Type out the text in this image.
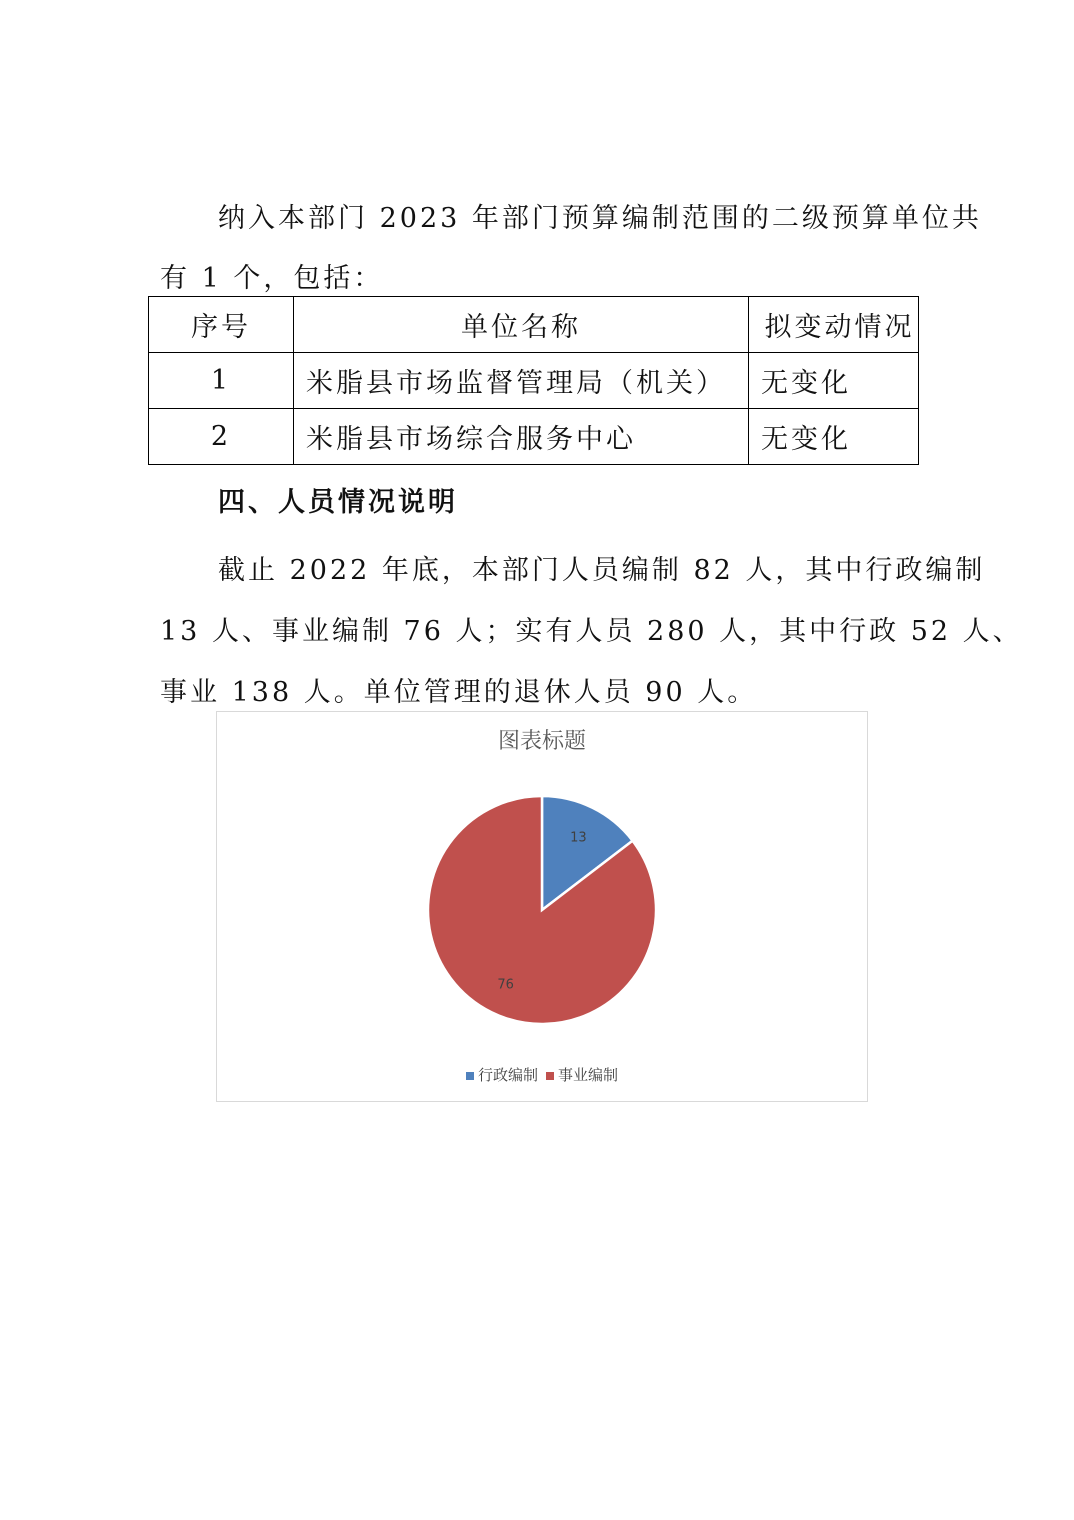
纳入本部门 2023 年部门预算编制范围的二级预算单位共
有 1 个，包括：
序号	单位名称	拟变动情况
1	米脂县市场监督管理局（机关）	无变化
2	米脂县市场综合服务中心	无变化
四、人员情况说明
截止 2022 年底，本部门人员编制 82 人，其中行政编制
13 人、事业编制 76 人；实有人员 280 人，其中行政 52 人、
事业 138 人。单位管理的退休人员 90 人。
图表标题
13
76
行政编制 事业编制
